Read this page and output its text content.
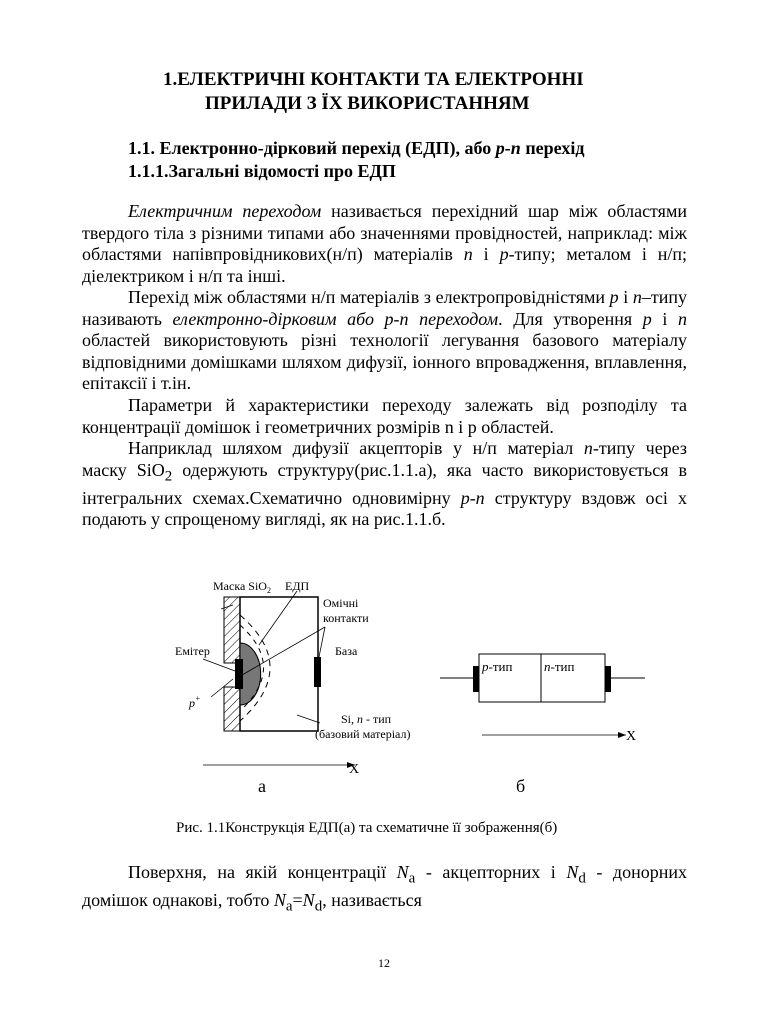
1.ЕЛЕКТРИЧНІ КОНТАКТИ ТА ЕЛЕКТРОННІ
ПРИЛАДИ З ЇХ ВИКОРИСТАННЯМ
1.1. Електронно-дірковий перехід (ЕДП), або р-n перехід
1.1.1.Загальні відомості про ЕДП

Електричним переходом називається перехідний шар між областями твердого тіла з різними типами або значеннями провідностей, наприклад: між областями напівпровідникових(н/п) матеріалів n і р-типу; металом і н/п; діелектриком і н/п та інші.

Перехід між областями н/п матеріалів з електропровідністями р і n–типу називають електронно-дірковим або р-n переходом. Для утворення р і n областей використовують різні технології легування базового матеріалу відповідними домішками шляхом дифузії, іонного впровадження, вплавлення, епітаксії і т.ін.

Параметри й характеристики переходу залежать від розподілу та концентрації домішок і геометричних розмірів n і p областей.

Наприклад шляхом дифузії акцепторів у н/п матеріал n-типу через маску SiO$_2$ одержують структуру(рис.1.1.а), яка часто використовується в інтегральних схемах.Схематично одновимірну p-n структуру вздовж осі х подають у спрощеному вигляді, як на рис.1.1.б.

Маска SiO$_2$ ЕДП
Омічні
контакти
Емітер	База
p+
Si, n - тип
(базовий матеріал)
X
p-тип n-тип
X
а	б
Рис. 1.1Конструкція ЕДП(а) та схематичне її зображення(б)

Поверхня, на якій концентрації $N_а$ - акцепторних і $N_d$ - донорних домішок однакові, тобто $N_а=N_d$, називається

12
